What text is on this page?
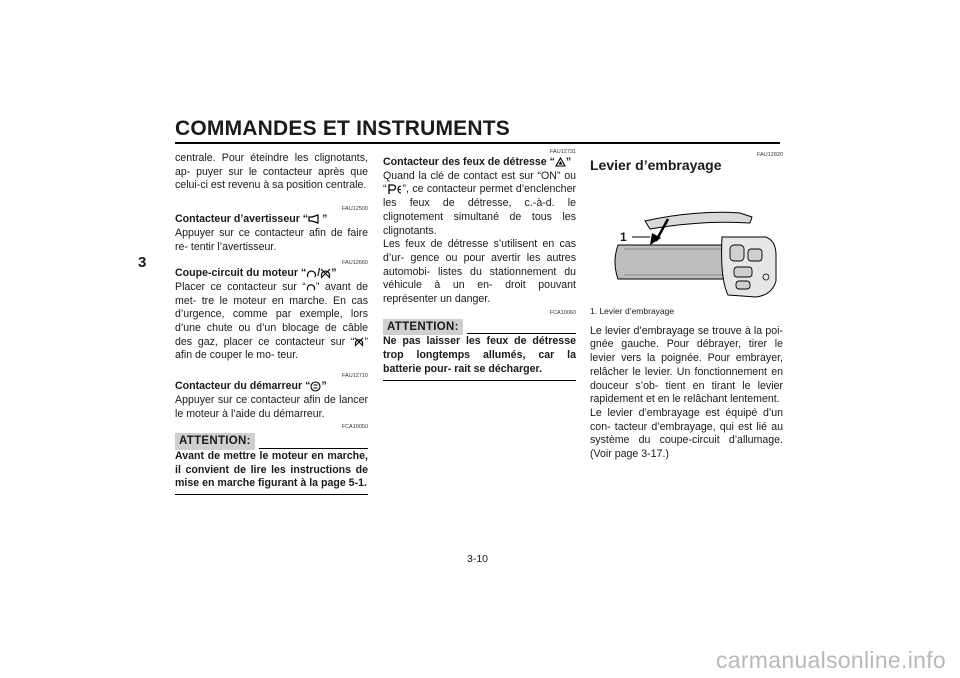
COMMANDES ET INSTRUMENTS
3

centrale. Pour éteindre les clignotants, ap- puyer sur le contacteur après que celui-ci est revenu à sa position centrale.

FAU12500

Contacteur d’avertisseur “ ”

Appuyer sur ce contacteur afin de faire re- tentir l’avertisseur.

FAU12660

Coupe-circuit du moteur “ / ”

Placer ce contacteur sur “ ” avant de met- tre le moteur en marche. En cas d’urgence, comme par exemple, lors d’une chute ou d’un blocage de câble des gaz, placer ce contacteur sur “ ” afin de couper le mo- teur.

FAU12710

Contacteur du démarreur “ ”

Appuyer sur ce contacteur afin de lancer le moteur à l’aide du démarreur.

FCA10050

ATTENTION:

Avant de mettre le moteur en marche, il convient de lire les instructions de mise en marche figurant à la page 5-1.

FAU12731

Contacteur des feux de détresse “ ”

Quand la clé de contact est sur “ON” ou “ ”, ce contacteur permet d’enclencher les feux de détresse, c.-à-d. le clignotement simultané de tous les clignotants.

Les feux de détresse s’utilisent en cas d’ur- gence ou pour avertir les autres automobi- listes du stationnement du véhicule à un en- droit pouvant représenter un danger.

FCA10060

ATTENTION:

Ne pas laisser les feux de détresse trop longtemps allumés, car la batterie pour- rait se décharger.

FAU12820

Levier d’embrayage

1

1. Levier d’embrayage

Le levier d’embrayage se trouve à la poi- gnée gauche. Pour débrayer, tirer le levier vers la poignée. Pour embrayer, relâcher le levier. Un fonctionnement en douceur s’ob- tient en tirant le levier rapidement et en le relâchant lentement.

Le levier d’embrayage est équipé d’un con- tacteur d’embrayage, qui est lié au système du coupe-circuit d’allumage. (Voir page 3-17.)

3-10
carmanualsonline.info
